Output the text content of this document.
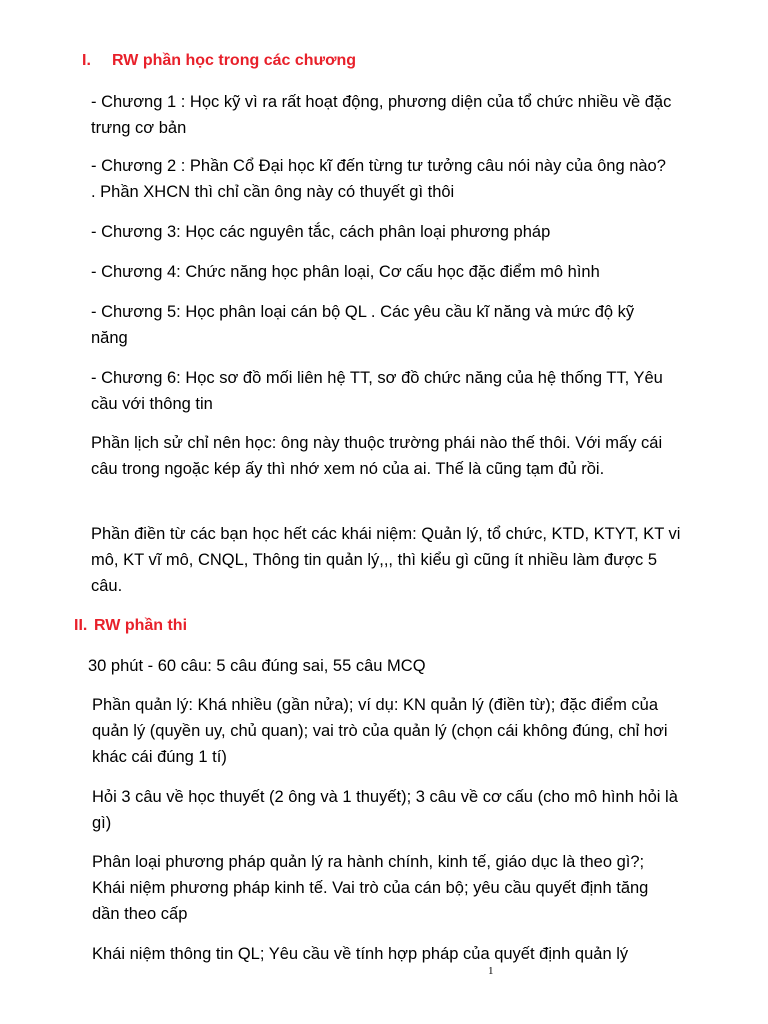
I. RW phần học trong các chương
- Chương 1 : Học kỹ vì ra rất hoạt động, phương diện của tổ chức nhiều về đặc trưng cơ bản
- Chương 2 : Phần Cổ Đại học kĩ đến từng tư tưởng câu nói này của ông nào? . Phần XHCN thì chỉ cần ông này có thuyết gì thôi
- Chương 3: Học các nguyên tắc, cách phân loại phương pháp
- Chương 4: Chức năng học phân loại, Cơ cấu học đặc điểm mô hình
- Chương 5: Học phân loại cán bộ QL . Các yêu cầu kĩ năng và mức độ kỹ năng
- Chương 6: Học sơ đồ mối liên hệ TT, sơ đồ chức năng của hệ thống TT, Yêu cầu với thông tin
Phần lịch sử chỉ nên học: ông này thuộc trường phái nào thế thôi. Với mấy cái câu trong ngoặc kép ấy thì nhớ xem nó của ai. Thế là cũng tạm đủ rồi.
Phần điền từ các bạn học hết các khái niệm: Quản lý, tổ chức, KTD, KTYT, KT vi mô, KT vĩ mô, CNQL, Thông tin quản lý,,, thì kiểu gì cũng ít nhiều làm được 5 câu.
II. RW phần thi
30 phút - 60 câu: 5 câu đúng sai, 55 câu MCQ
Phần quản lý: Khá nhiều (gần nửa); ví dụ: KN quản lý (điền từ); đặc điểm của quản lý (quyền uy, chủ quan); vai trò của quản lý (chọn cái không đúng, chỉ hơi khác cái đúng 1 tí)
Hỏi 3 câu về học thuyết (2 ông và 1 thuyết); 3 câu về cơ cấu (cho mô hình hỏi là gì)
Phân loại phương pháp quản lý ra hành chính, kinh tế, giáo dục là theo gì?; Khái niệm phương pháp kinh tế. Vai trò của cán bộ; yêu cầu quyết định tăng dần theo cấp
Khái niệm thông tin QL; Yêu cầu về tính hợp pháp của quyết định quản lý
1
